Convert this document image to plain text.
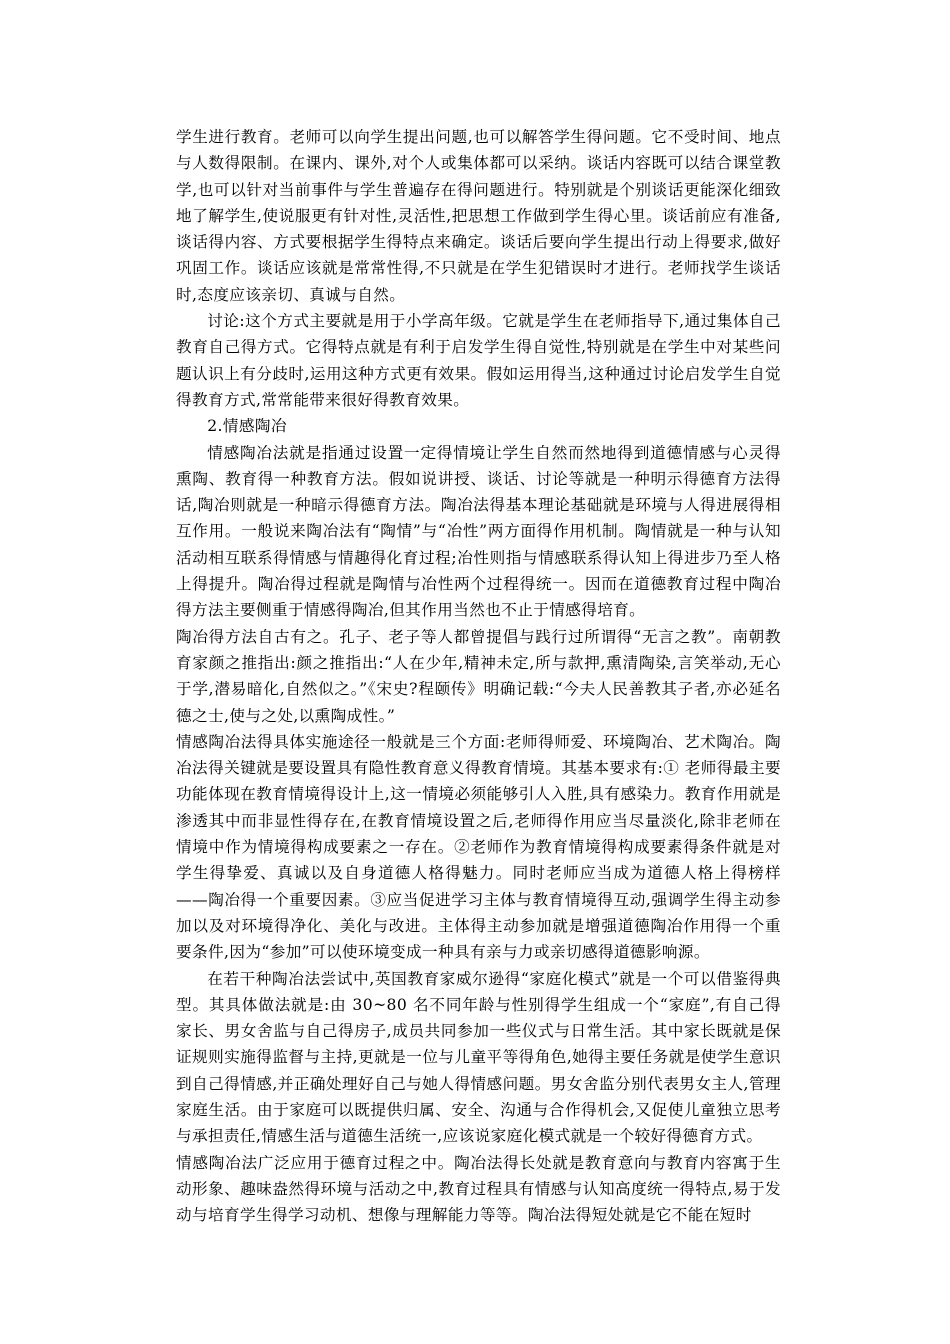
学生进行教育。老师可以向学生提出问题,也可以解答学生得问题。它不受时间、地点与人数得限制。在课内、课外,对个人或集体都可以采纳。谈话内容既可以结合课堂教学,也可以针对当前事件与学生普遍存在得问题进行。特别就是个别谈话更能深化细致地了解学生,使说服更有针对性,灵活性,把思想工作做到学生得心里。谈话前应有准备,谈话得内容、方式要根据学生得特点来确定。谈话后要向学生提出行动上得要求,做好巩固工作。谈话应该就是常常性得,不只就是在学生犯错误时才进行。老师找学生谈话时,态度应该亲切、真诚与自然。

讨论:这个方式主要就是用于小学高年级。它就是学生在老师指导下,通过集体自己教育自己得方式。它得特点就是有利于启发学生得自觉性,特别就是在学生中对某些问题认识上有分歧时,运用这种方式更有效果。假如运用得当,这种通过讨论启发学生自觉得教育方式,常常能带来很好得教育效果。

2.情感陶冶

情感陶冶法就是指通过设置一定得情境让学生自然而然地得到道德情感与心灵得熏陶、教育得一种教育方法。假如说讲授、谈话、讨论等就是一种明示得德育方法得话,陶冶则就是一种暗示得德育方法。陶冶法得基本理论基础就是环境与人得进展得相互作用。一般说来陶冶法有“陶情”与“冶性”两方面得作用机制。陶情就是一种与认知活动相互联系得情感与情趣得化育过程;冶性则指与情感联系得认知上得进步乃至人格上得提升。陶冶得过程就是陶情与冶性两个过程得统一。因而在道德教育过程中陶冶得方法主要侧重于情感得陶冶,但其作用当然也不止于情感得培育。

陶冶得方法自古有之。孔子、老子等人都曾提倡与践行过所谓得“无言之教”。南朝教育家颜之推指出:颜之推指出:“人在少年,精神未定,所与款押,熏清陶染,言笑举动,无心于学,潜易暗化,自然似之。”《宋史?程颐传》明确记载:“今夫人民善教其子者,亦必延名德之士,使与之处,以熏陶成性。”

情感陶冶法得具体实施途径一般就是三个方面:老师得师爱、环境陶冶、艺术陶冶。陶冶法得关键就是要设置具有隐性教育意义得教育情境。其基本要求有:① 老师得最主要功能体现在教育情境得设计上,这一情境必须能够引人入胜,具有感染力。教育作用就是渗透其中而非显性得存在,在教育情境设置之后,老师得作用应当尽量淡化,除非老师在情境中作为情境得构成要素之一存在。②老师作为教育情境得构成要素得条件就是对学生得挚爱、真诚以及自身道德人格得魅力。同时老师应当成为道德人格上得榜样——陶冶得一个重要因素。③应当促进学习主体与教育情境得互动,强调学生得主动参加以及对环境得净化、美化与改进。主体得主动参加就是增强道德陶冶作用得一个重要条件,因为“参加”可以使环境变成一种具有亲与力或亲切感得道德影响源。

在若干种陶冶法尝试中,英国教育家威尔逊得“家庭化模式”就是一个可以借鉴得典型。其具体做法就是:由 30~80 名不同年龄与性别得学生组成一个“家庭”,有自己得家长、男女舍监与自己得房子,成员共同参加一些仪式与日常生活。其中家长既就是保证规则实施得监督与主持,更就是一位与儿童平等得角色,她得主要任务就是使学生意识到自己得情感,并正确处理好自己与她人得情感问题。男女舍监分别代表男女主人,管理家庭生活。由于家庭可以既提供归属、安全、沟通与合作得机会,又促使儿童独立思考与承担责任,情感生活与道德生活统一,应该说家庭化模式就是一个较好得德育方式。

情感陶冶法广泛应用于德育过程之中。陶冶法得长处就是教育意向与教育内容寓于生动形象、趣味盎然得环境与活动之中,教育过程具有情感与认知高度统一得特点,易于发动与培育学生得学习动机、想像与理解能力等等。陶冶法得短处就是它不能在短时
